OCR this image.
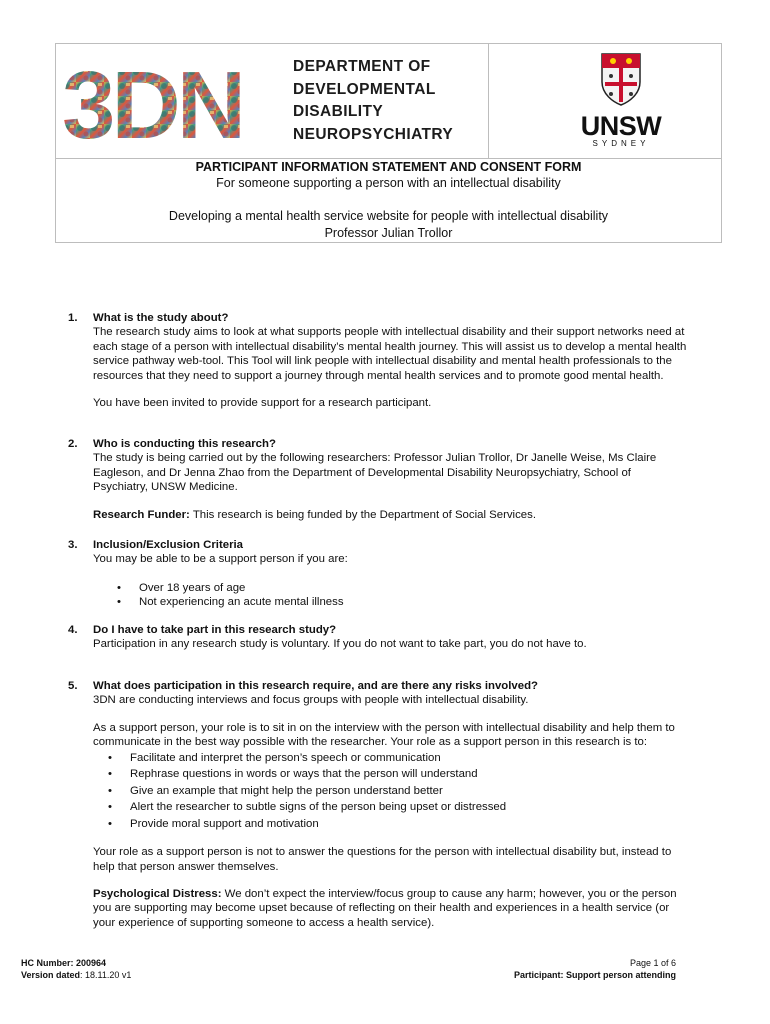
3DN	DEPARTMENT OF
DEVELOPMENTAL
DISABILITY
NEUROPSYCHIATRY	UNSW
SYDNEY
PARTICIPANT INFORMATION STATEMENT AND CONSENT FORM
For someone supporting a person with an intellectual disability
Developing a mental health service website for people with intellectual disability
Professor Julian Trollor
1. What is the study about?

The research study aims to look at what supports people with intellectual disability and their support networks need at each stage of a person with intellectual disability’s mental health journey. This will assist us to develop a mental health service pathway web-tool. This Tool will link people with intellectual disability and mental health professionals to the resources that they need to support a journey through mental health services and to promote good mental health.

You have been invited to provide support for a research participant.

2. Who is conducting this research?

The study is being carried out by the following researchers: Professor Julian Trollor, Dr Janelle Weise, Ms Claire Eagleson, and Dr Jenna Zhao from the Department of Developmental Disability Neuropsychiatry, School of Psychiatry, UNSW Medicine.

Research Funder: This research is being funded by the Department of Social Services.

3. Inclusion/Exclusion Criteria

You may be able to be a support person if you are:

• Over 18 years of age
• Not experiencing an acute mental illness
4. Do I have to take part in this research study?

Participation in any research study is voluntary. If you do not want to take part, you do not have to.

5. What does participation in this research require, and are there any risks involved?

3DN are conducting interviews and focus groups with people with intellectual disability.

As a support person, your role is to sit in on the interview with the person with intellectual disability and help them to communicate in the best way possible with the researcher. Your role as a support person in this research is to:

• Facilitate and interpret the person’s speech or communication
• Rephrase questions in words or ways that the person will understand
• Give an example that might help the person understand better
• Alert the researcher to subtle signs of the person being upset or distressed
• Provide moral support and motivation

Your role as a support person is not to answer the questions for the person with intellectual disability but, instead to help that person answer themselves.

Psychological Distress: We don’t expect the interview/focus group to cause any harm; however, you or the person you are supporting may become upset because of reflecting on their health and experiences in a health service (or your experience of supporting someone to access a health service).

HC Number: 200964
Version dated: 18.11.20 v1
Page 1 of 6
Participant: Support person attending
